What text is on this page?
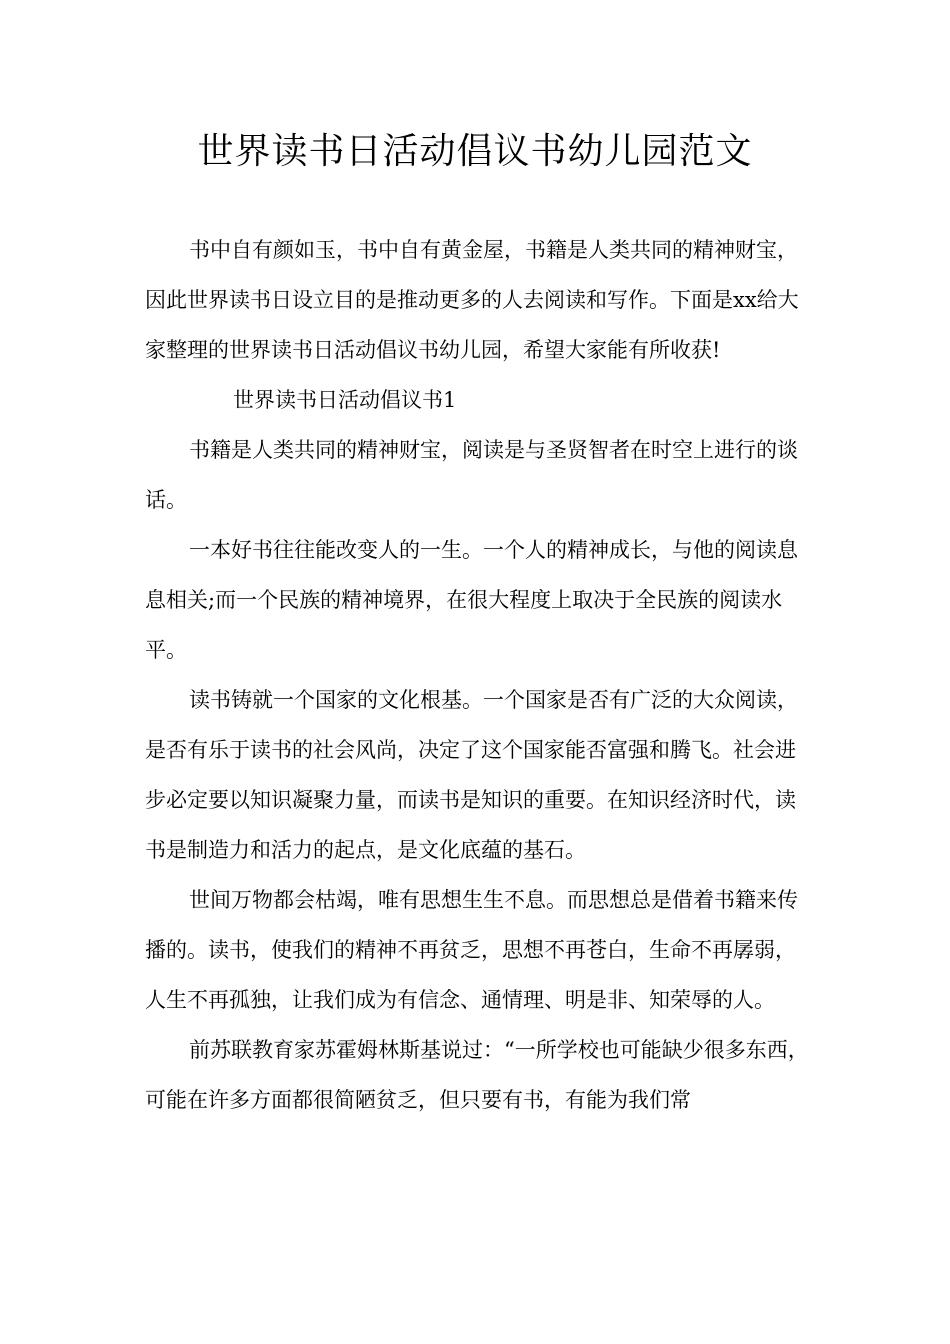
世界读书日活动倡议书幼儿园范文

书中自有颜如玉，书中自有黄金屋，书籍是人类共同的精神财宝，因此世界读书日设立目的是推动更多的人去阅读和写作。下面是xx给大家整理的世界读书日活动倡议书幼儿园，希望大家能有所收获!

世界读书日活动倡议书1

书籍是人类共同的精神财宝，阅读是与圣贤智者在时空上进行的谈话。

一本好书往往能改变人的一生。一个人的精神成长，与他的阅读息息相关;而一个民族的精神境界，在很大程度上取决于全民族的阅读水平。

读书铸就一个国家的文化根基。一个国家是否有广泛的大众阅读，是否有乐于读书的社会风尚，决定了这个国家能否富强和腾飞。社会进步必定要以知识凝聚力量，而读书是知识的重要。在知识经济时代，读书是制造力和活力的起点，是文化底蕴的基石。

世间万物都会枯竭，唯有思想生生不息。而思想总是借着书籍来传播的。读书，使我们的精神不再贫乏，思想不再苍白，生命不再孱弱，人生不再孤独，让我们成为有信念、通情理、明是非、知荣辱的人。

前苏联教育家苏霍姆林斯基说过：“一所学校也可能缺少很多东西，可能在许多方面都很简陋贫乏，但只要有书，有能为我们常
